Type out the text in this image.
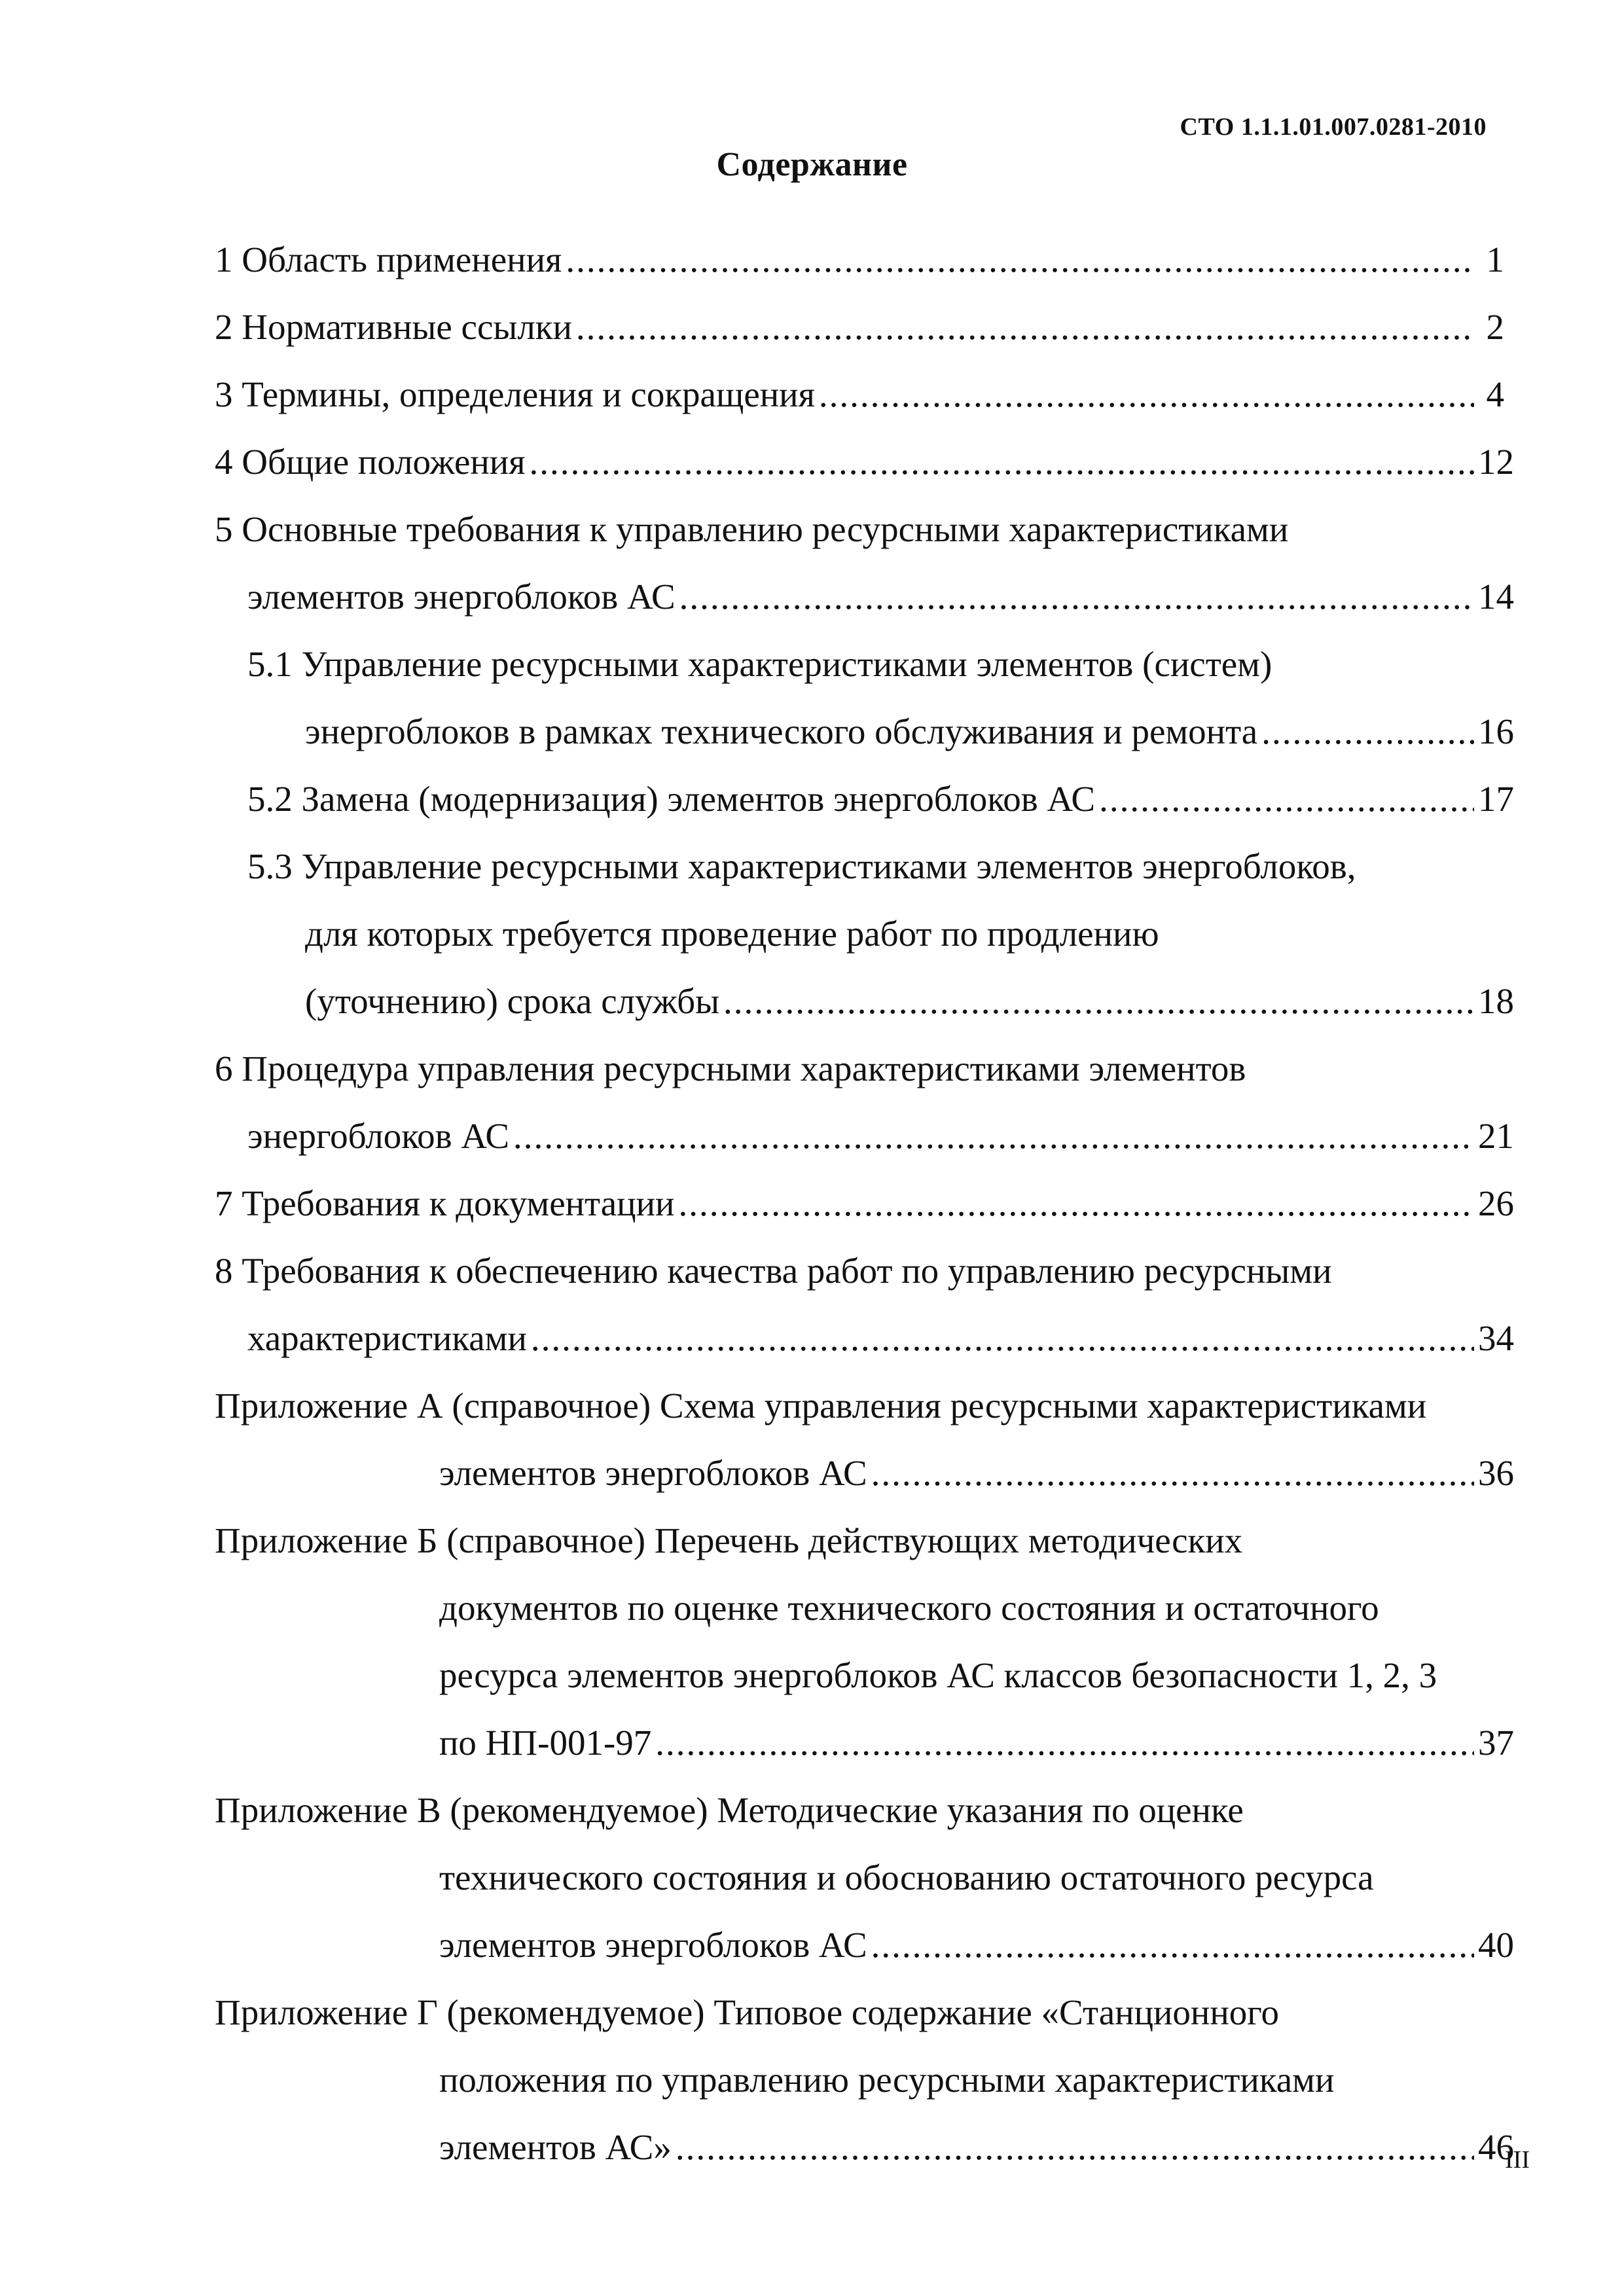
СТО 1.1.1.01.007.0281-2010
Содержание
1 Область применения .....	1
2 Нормативные ссылки .....	2
3 Термины, определения и сокращения .....	4
4 Общие положения .....	12
5 Основные требования к управлению ресурсными характеристиками
элементов энергоблоков АС .....	14
5.1 Управление ресурсными характеристиками элементов (систем)
энергоблоков в рамках технического обслуживания и ремонта .....	16
5.2 Замена (модернизация) элементов энергоблоков АС .....	17
5.3 Управление ресурсными характеристиками элементов энергоблоков,
для которых требуется проведение работ по продлению
(уточнению) срока службы .....	18
6 Процедура управления ресурсными характеристиками элементов
энергоблоков АС .....	21
7 Требования к документации .....	26
8 Требования к обеспечению качества работ по управлению ресурсными
характеристиками .....	34
Приложение А (справочное) Схема управления ресурсными характеристиками
элементов энергоблоков АС .....	36
Приложение Б (справочное) Перечень действующих методических
документов по оценке технического состояния и остаточного
ресурса элементов энергоблоков АС классов безопасности 1, 2, 3
по НП-001-97 .....	37
Приложение В (рекомендуемое) Методические указания по оценке
технического состояния и обоснованию остаточного ресурса
элементов энергоблоков АС .....	40
Приложение Г (рекомендуемое) Типовое содержание «Станционного
положения по управлению ресурсными характеристиками
элементов АС» .....	46
III
